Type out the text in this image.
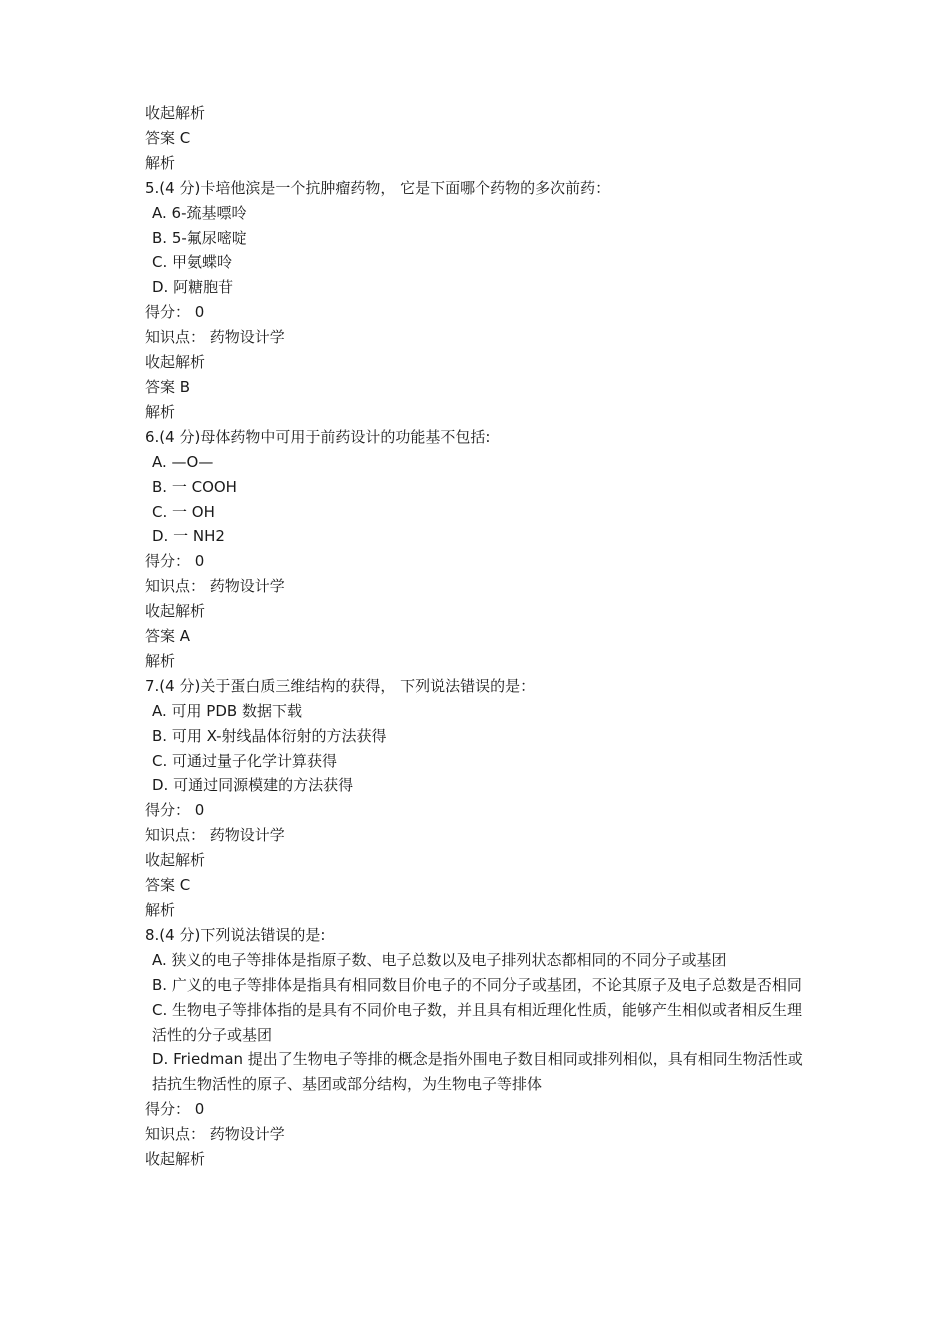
收起解析
答案 C
解析
5.(4 分)卡培他滨是一个抗肿瘤药物， 它是下面哪个药物的多次前药：
A. 6-巯基嘌呤
B. 5-氟尿嘧啶
C. 甲氨蝶呤
D. 阿糖胞苷
得分： 0
知识点： 药物设计学
收起解析
答案 B
解析
6.(4 分)母体药物中可用于前药设计的功能基不包括:
A. —O—
B. 一 COOH
C. 一 OH
D. 一 NH2
得分： 0
知识点： 药物设计学
收起解析
答案 A
解析
7.(4 分)关于蛋白质三维结构的获得， 下列说法错误的是：
A. 可用 PDB 数据下载
B. 可用 X-射线晶体衍射的方法获得
C. 可通过量子化学计算获得
D. 可通过同源模建的方法获得
得分： 0
知识点： 药物设计学
收起解析
答案 C
解析
8.(4 分)下列说法错误的是:
A. 狭义的电子等排体是指原子数、电子总数以及电子排列状态都相同的不同分子或基团
B. 广义的电子等排体是指具有相同数目价电子的不同分子或基团，不论其原子及电子总数是否相同
C. 生物电子等排体指的是具有不同价电子数，并且具有相近理化性质，能够产生相似或者相反生理活性的分子或基团
D. Friedman 提出了生物电子等排的概念是指外围电子数目相同或排列相似，具有相同生物活性或拮抗生物活性的原子、基团或部分结构，为生物电子等排体
得分： 0
知识点： 药物设计学
收起解析
